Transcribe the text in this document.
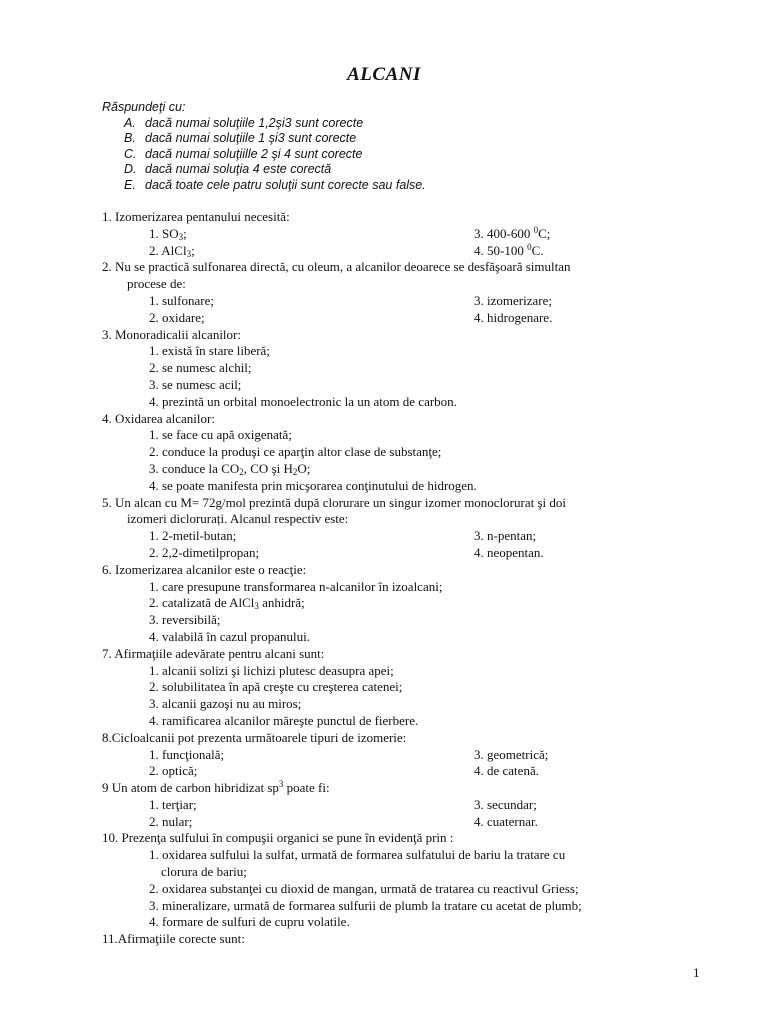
ALCANI
Răspundeţi cu:
A. dacă numai soluţiile 1,2şi3 sunt corecte
B. dacă numai soluţiile 1 şi3 sunt corecte
C. dacă numai soluţiille 2 şi 4 sunt corecte
D. dacă numai soluţia 4 este corectă
E. dacă toate cele patru soluţii sunt corecte sau false.
1. Izomerizarea pentanului necesită:
1. $SO_3$;	3. 400-600 $^0$C;
2. AlCl$_3$;	4. 50-100 $^0$C.
2. Nu se practică sulfonarea directă, cu oleum, a alcanilor deoarece se desfăşoară simultan
procese de:
1. sulfonare;	3. izomerizare;
2. oxidare;	4. hidrogenare.
3. Monoradicalii alcanilor:
1. există în stare liberă;
2. se numesc alchil;
3. se numesc acil;
4. prezintă un orbital monoelectronic la un atom de carbon.
4. Oxidarea alcanilor:
1. se face cu apă oxigenată;
2. conduce la produşi ce aparţin altor clase de substanţe;
3. conduce la $CO_2$, CO şi $H_2O$;
4. se poate manifesta prin micşorarea conţinutului de hidrogen.
5. Un alcan cu M= 72g/mol prezintă după clorurare un singur izomer monoclorurat şi doi
izomeri diclorurați. Alcanul respectiv este:
1. 2-metil-butan;	3. n-pentan;
2. 2,2-dimetilpropan;	4. neopentan.
6. Izomerizarea alcanilor este o reacţie:
1. care presupune transformarea n-alcanilor în izoalcani;
2. catalizată de AlCl$_3$ anhidră;
3. reversibilă;
4. valabilă în cazul propanului.
7. Afirmaţiile adevărate pentru alcani sunt:
1. alcanii solizi şi lichizi plutesc deasupra apei;
2. solubilitatea în apă creşte cu creşterea catenei;
3. alcanii gazoşi nu au miros;
4. ramificarea alcanilor măreşte punctul de fierbere.
8.Cicloalcanii pot prezenta următoarele tipuri de izomerie:
1. funcţională;	3. geometrică;
2. optică;	4. de catenă.
9 Un atom de carbon hibridizat $sp^3$ poate fi:
1. terţiar;	3. secundar;
2. nular;	4. cuaternar.
10. Prezenţa sulfului în compuşii organici se pune în evidenţă prin :
1. oxidarea sulfului la sulfat, urmată de formarea sulfatului de bariu la tratare cu
clorura de bariu;
2. oxidarea substanţei cu dioxid de mangan, urmată de tratarea cu reactivul Griess;
3. mineralizare, urmată de formarea sulfurii de plumb la tratare cu acetat de plumb;
4. formare de sulfuri de cupru volatile.
11.Afirmaţiile corecte sunt:
1
